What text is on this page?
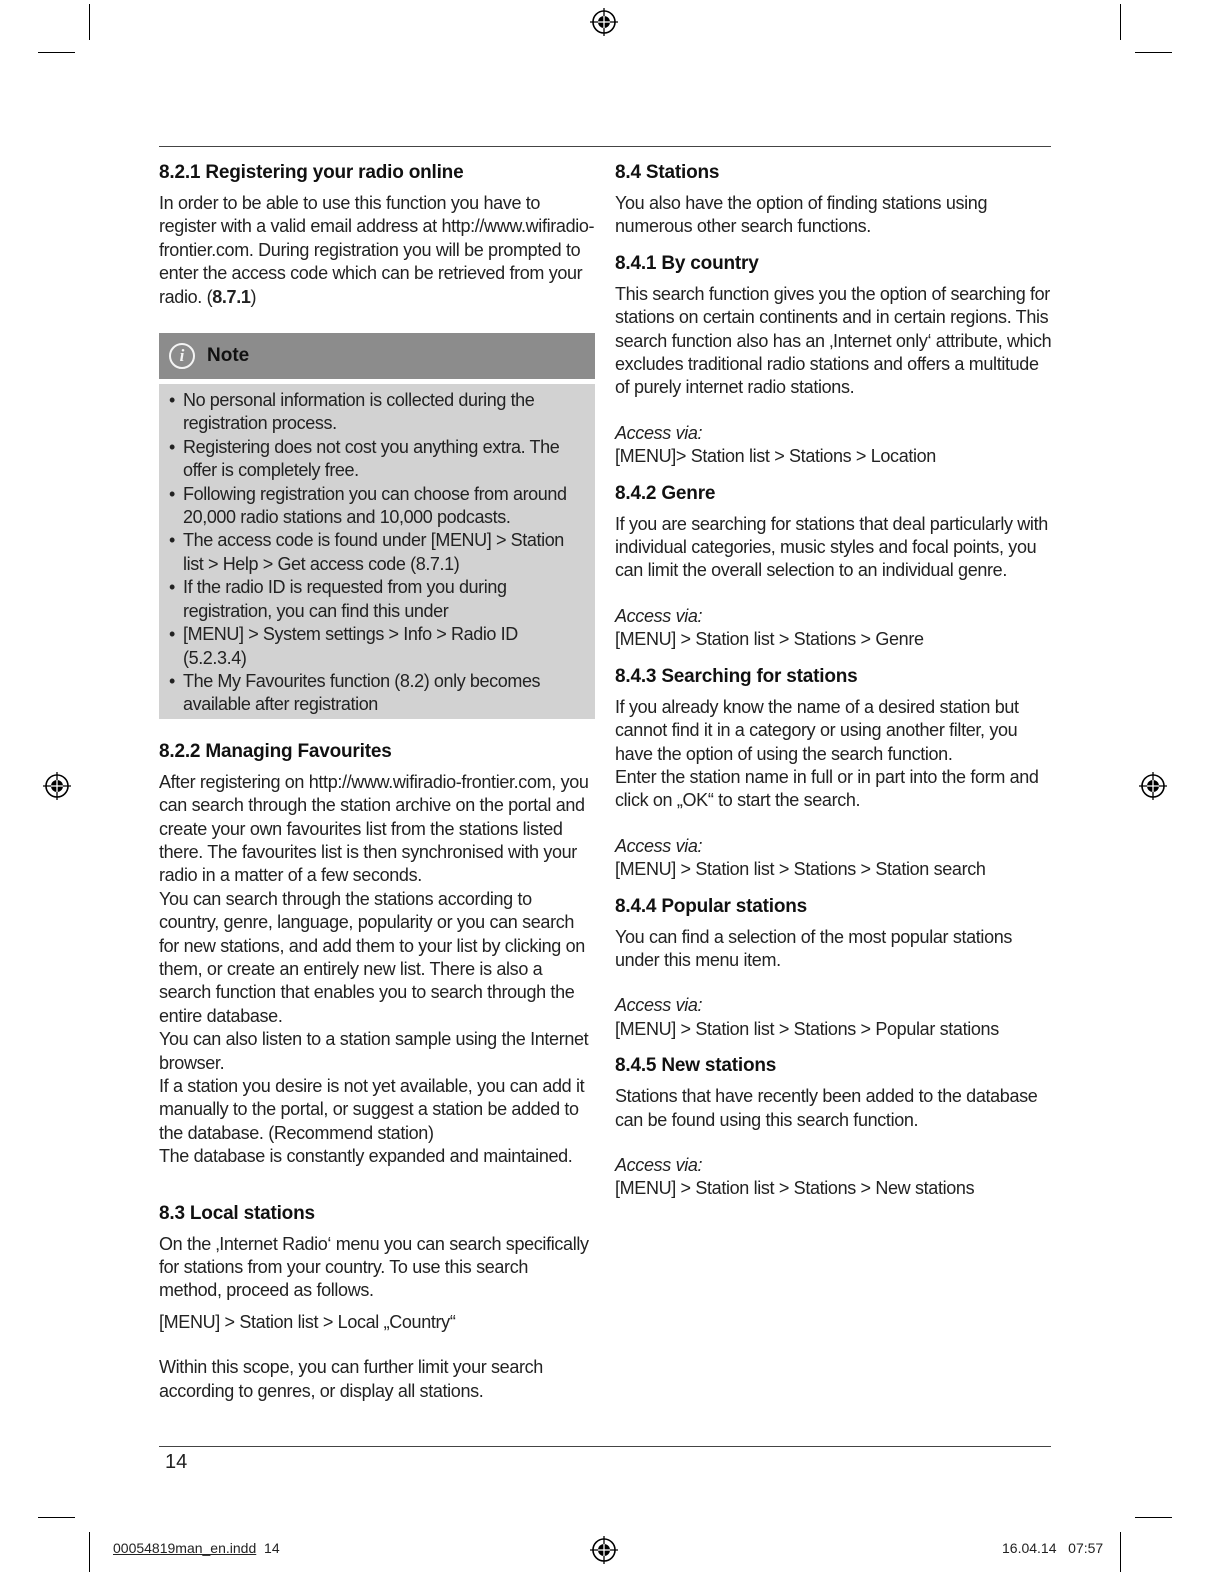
8.2.1 Registering your radio online

In order to be able to use this function you have to register with a valid email address at http://www.wifiradio-frontier.com. During registration you will be prompted to enter the access code which can be retrieved from your radio. (8.7.1)

i	Note
• No personal information is collected during the registration process.
• Registering does not cost you anything extra. The offer is completely free.
• Following registration you can choose from around 20,000 radio stations and 10,000 podcasts.
• The access code is found under [MENU] > Station list > Help > Get access code (8.7.1)
• If the radio ID is requested from you during registration, you can find this under
• [MENU] > System settings > Info > Radio ID (5.2.3.4)
• The My Favourites function (8.2) only becomes available after registration
8.2.2 Managing Favourites

After registering on http://www.wifiradio-frontier.com, you can search through the station archive on the portal and create your own favourites list from the stations listed there. The favourites list is then synchronised with your radio in a matter of a few seconds.

You can search through the stations according to country, genre, language, popularity or you can search for new stations, and add them to your list by clicking on them, or create an entirely new list. There is also a search function that enables you to search through the entire database.

You can also listen to a station sample using the Internet browser.

If a station you desire is not yet available, you can add it manually to the portal, or suggest a station be added to the database. (Recommend station)

The database is constantly expanded and maintained.

8.3 Local stations

On the ‚Internet Radio‘ menu you can search specifically for stations from your country. To use this search method, proceed as follows.

[MENU] > Station list > Local „Country“

Within this scope, you can further limit your search according to genres, or display all stations.

8.4 Stations

You also have the option of finding stations using numerous other search functions.

8.4.1 By country

This search function gives you the option of searching for stations on certain continents and in certain regions. This search function also has an ‚Internet only‘ attribute, which excludes traditional radio stations and offers a multitude of purely internet radio stations.

Access via:

[MENU]> Station list > Stations > Location

8.4.2 Genre

If you are searching for stations that deal particularly with individual categories, music styles and focal points, you can limit the overall selection to an individual genre.

Access via:

[MENU] > Station list > Stations > Genre

8.4.3 Searching for stations

If you already know the name of a desired station but cannot find it in a category or using another filter, you have the option of using the search function.

Enter the station name in full or in part into the form and click on „OK“ to start the search.

Access via:

[MENU] > Station list > Stations > Station search

8.4.4 Popular stations

You can find a selection of the most popular stations under this menu item.

Access via:

[MENU] > Station list > Stations > Popular stations

8.4.5 New stations

Stations that have recently been added to the database can be found using this search function.

Access via:

[MENU] > Station list > Stations > New stations

14
00054819man_en.indd 14	16.04.14 07:57
